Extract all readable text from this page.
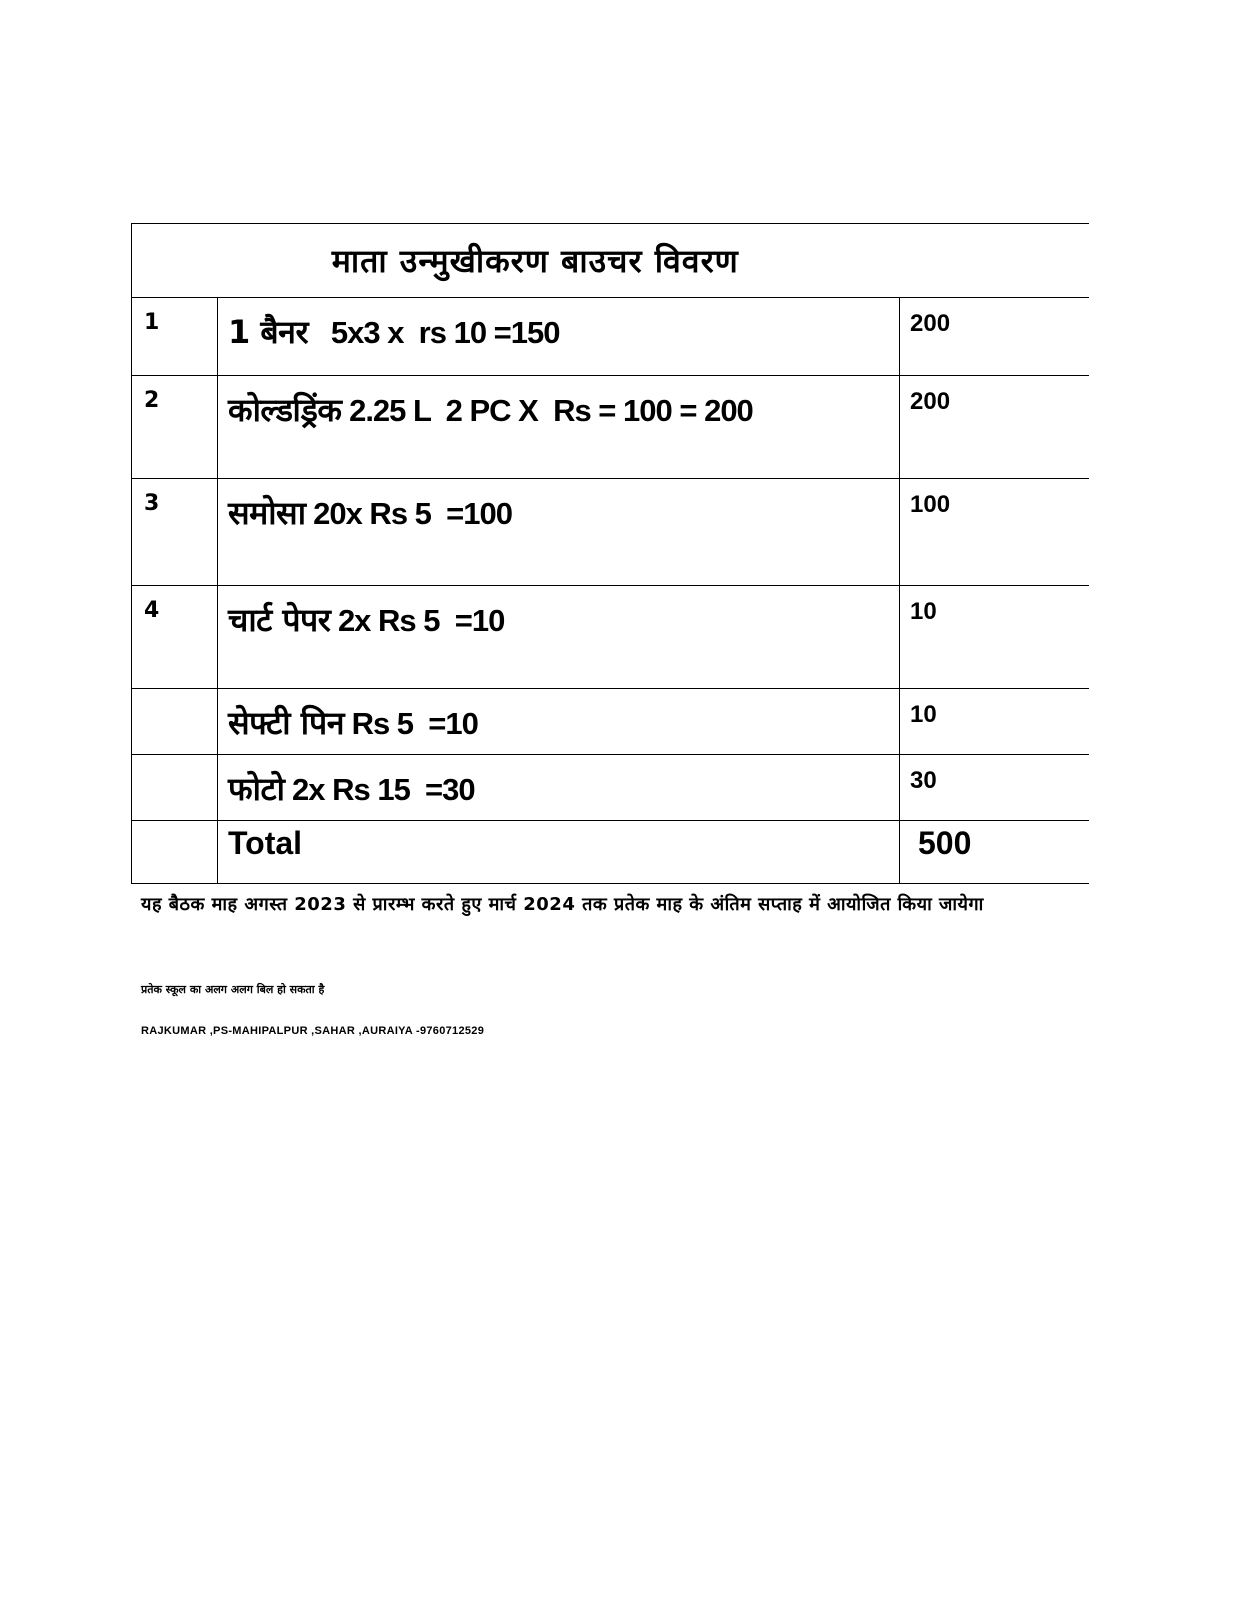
माता उन्मुखीकरण बाउचर विवरण		
1	1 बैनर   5x3 x  rs 10 =150	200
2	कोल्डड्रिंक 2.25 L  2 PC X  Rs = 100 = 200	200
3	समोसा 20x Rs 5  =100	100
4	चार्ट पेपर 2x Rs 5  =10	10
	सेफ्टी पिन Rs 5  =10	10
	फोटो 2x Rs 15  =30	30
	Total	500
यह बैठक माह अगस्त 2023 से प्रारम्भ करते हुए मार्च 2024 तक प्रतेक माह के अंतिम सप्ताह में आयोजित किया जायेगा
प्रतेक स्कूल का अलग अलग बिल हो सकता है
RAJKUMAR ,PS-MAHIPALPUR ,SAHAR ,AURAIYA -9760712529
